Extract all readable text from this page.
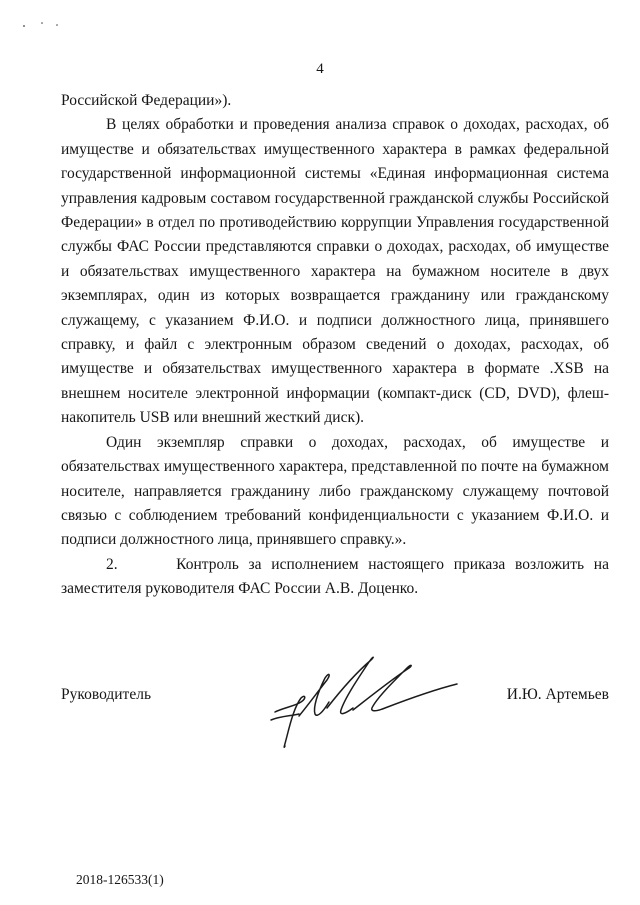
4

Российской Федерации»).

В целях обработки и проведения анализа справок о доходах, расходах, об имуществе и обязательствах имущественного характера в рамках федеральной государственной информационной системы «Единая информационная система управления кадровым составом государственной гражданской службы Российской Федерации» в отдел по противодействию коррупции Управления государственной службы ФАС России представляются справки о доходах, расходах, об имуществе и обязательствах имущественного характера на бумажном носителе в двух экземплярах, один из которых возвращается гражданину или гражданскому служащему, с указанием Ф.И.О. и подписи должностного лица, принявшего справку, и файл с электронным образом сведений о доходах, расходах, об имуществе и обязательствах имущественного характера в формате .XSB на внешнем носителе электронной информации (компакт-диск (CD, DVD), флеш-накопитель USB или внешний жесткий диск).

Один экземпляр справки о доходах, расходах, об имуществе и обязательствах имущественного характера, представленной по почте на бумажном носителе, направляется гражданину либо гражданскому служащему почтовой связью с соблюдением требований конфиденциальности с указанием Ф.И.О. и подписи должностного лица, принявшего справку.».

2.      Контроль за исполнением настоящего приказа возложить на заместителя руководителя ФАС России А.В. Доценко.

Руководитель	И.Ю. Артемьев
2018-126533(1)
